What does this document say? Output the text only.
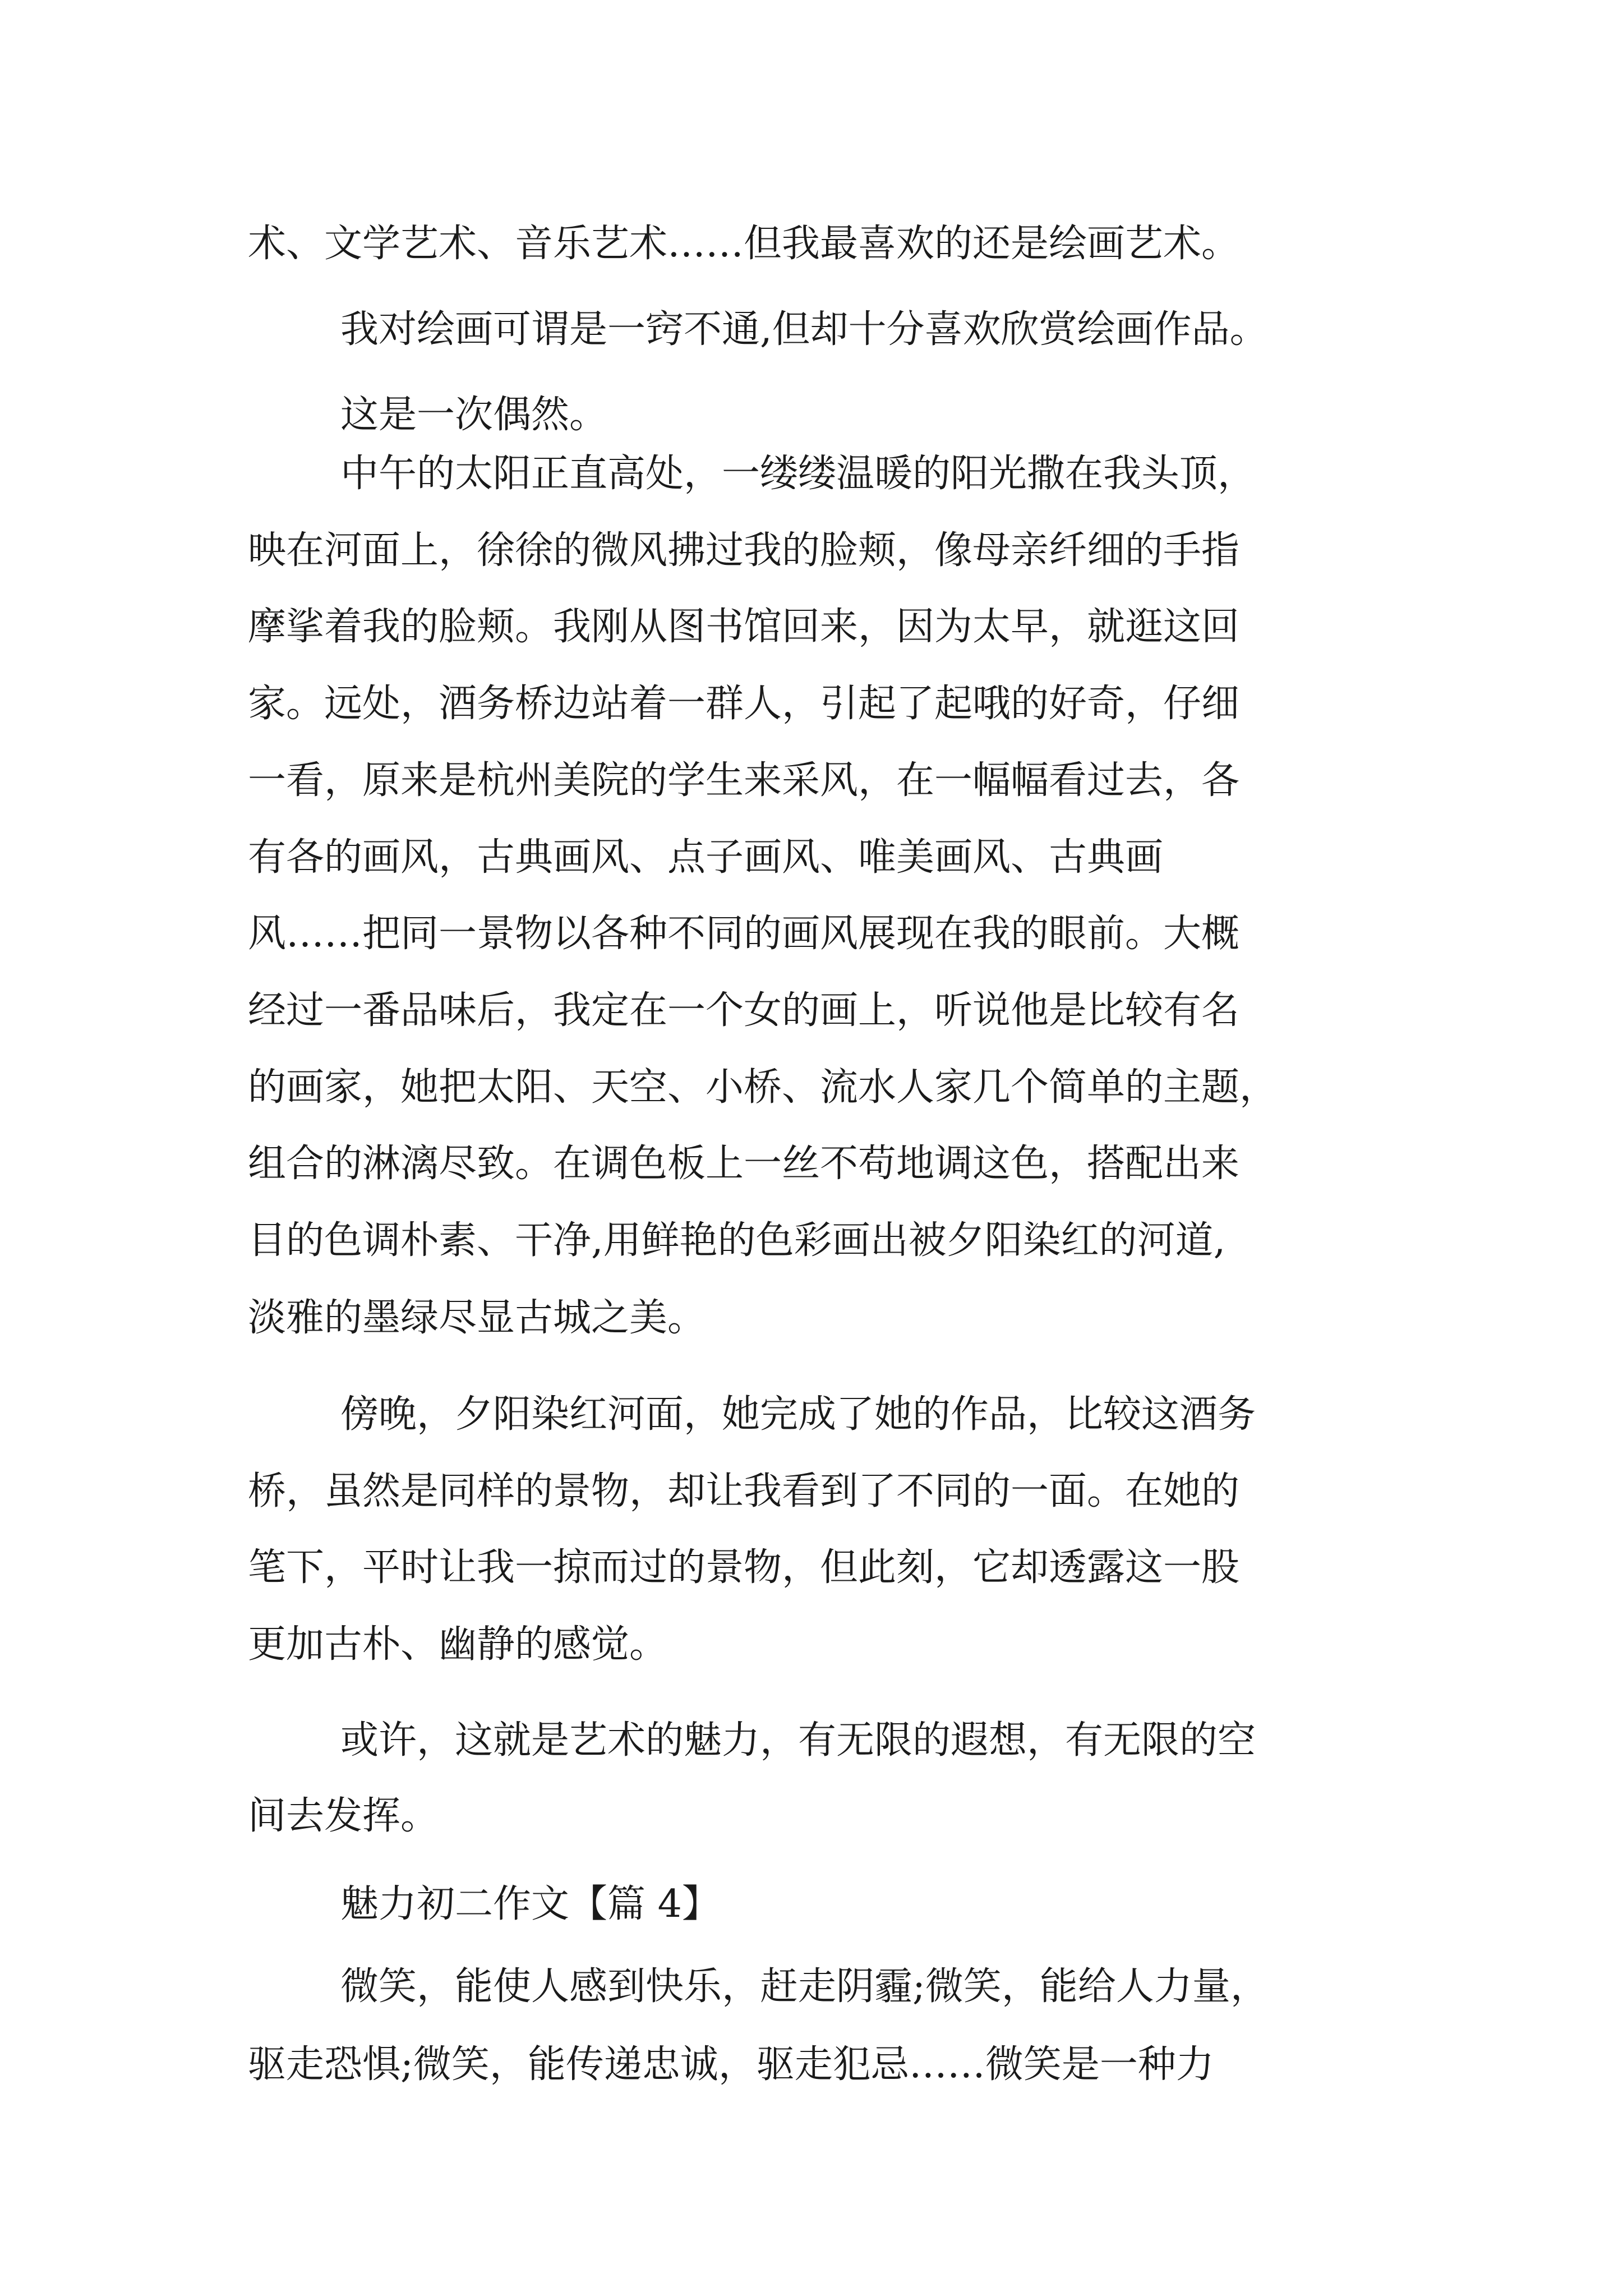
术、文学艺术、音乐艺术……但我最喜欢的还是绘画艺术。
我对绘画可谓是一窍不通,但却十分喜欢欣赏绘画作品。
这是一次偶然。
中午的太阳正直高处，一缕缕温暖的阳光撒在我头顶，
映在河面上，徐徐的微风拂过我的脸颊，像母亲纤细的手指
摩挲着我的脸颊。我刚从图书馆回来，因为太早，就逛这回
家。远处，酒务桥边站着一群人，引起了起哦的好奇，仔细
一看，原来是杭州美院的学生来采风，在一幅幅看过去，各
有各的画风，古典画风、点子画风、唯美画风、古典画
风……把同一景物以各种不同的画风展现在我的眼前。大概
经过一番品味后，我定在一个女的画上，听说他是比较有名
的画家，她把太阳、天空、小桥、流水人家几个简单的主题，
组合的淋漓尽致。在调色板上一丝不苟地调这色，搭配出来
目的色调朴素、干净,用鲜艳的色彩画出被夕阳染红的河道,
淡雅的墨绿尽显古城之美。
傍晚，夕阳染红河面，她完成了她的作品，比较这酒务
桥，虽然是同样的景物，却让我看到了不同的一面。在她的
笔下，平时让我一掠而过的景物，但此刻，它却透露这一股
更加古朴、幽静的感觉。
或许，这就是艺术的魅力，有无限的遐想，有无限的空
间去发挥。
魅力初二作文【篇 4】
微笑，能使人感到快乐，赶走阴霾;微笑，能给人力量，
驱走恐惧;微笑，能传递忠诚，驱走犯忌……微笑是一种力
